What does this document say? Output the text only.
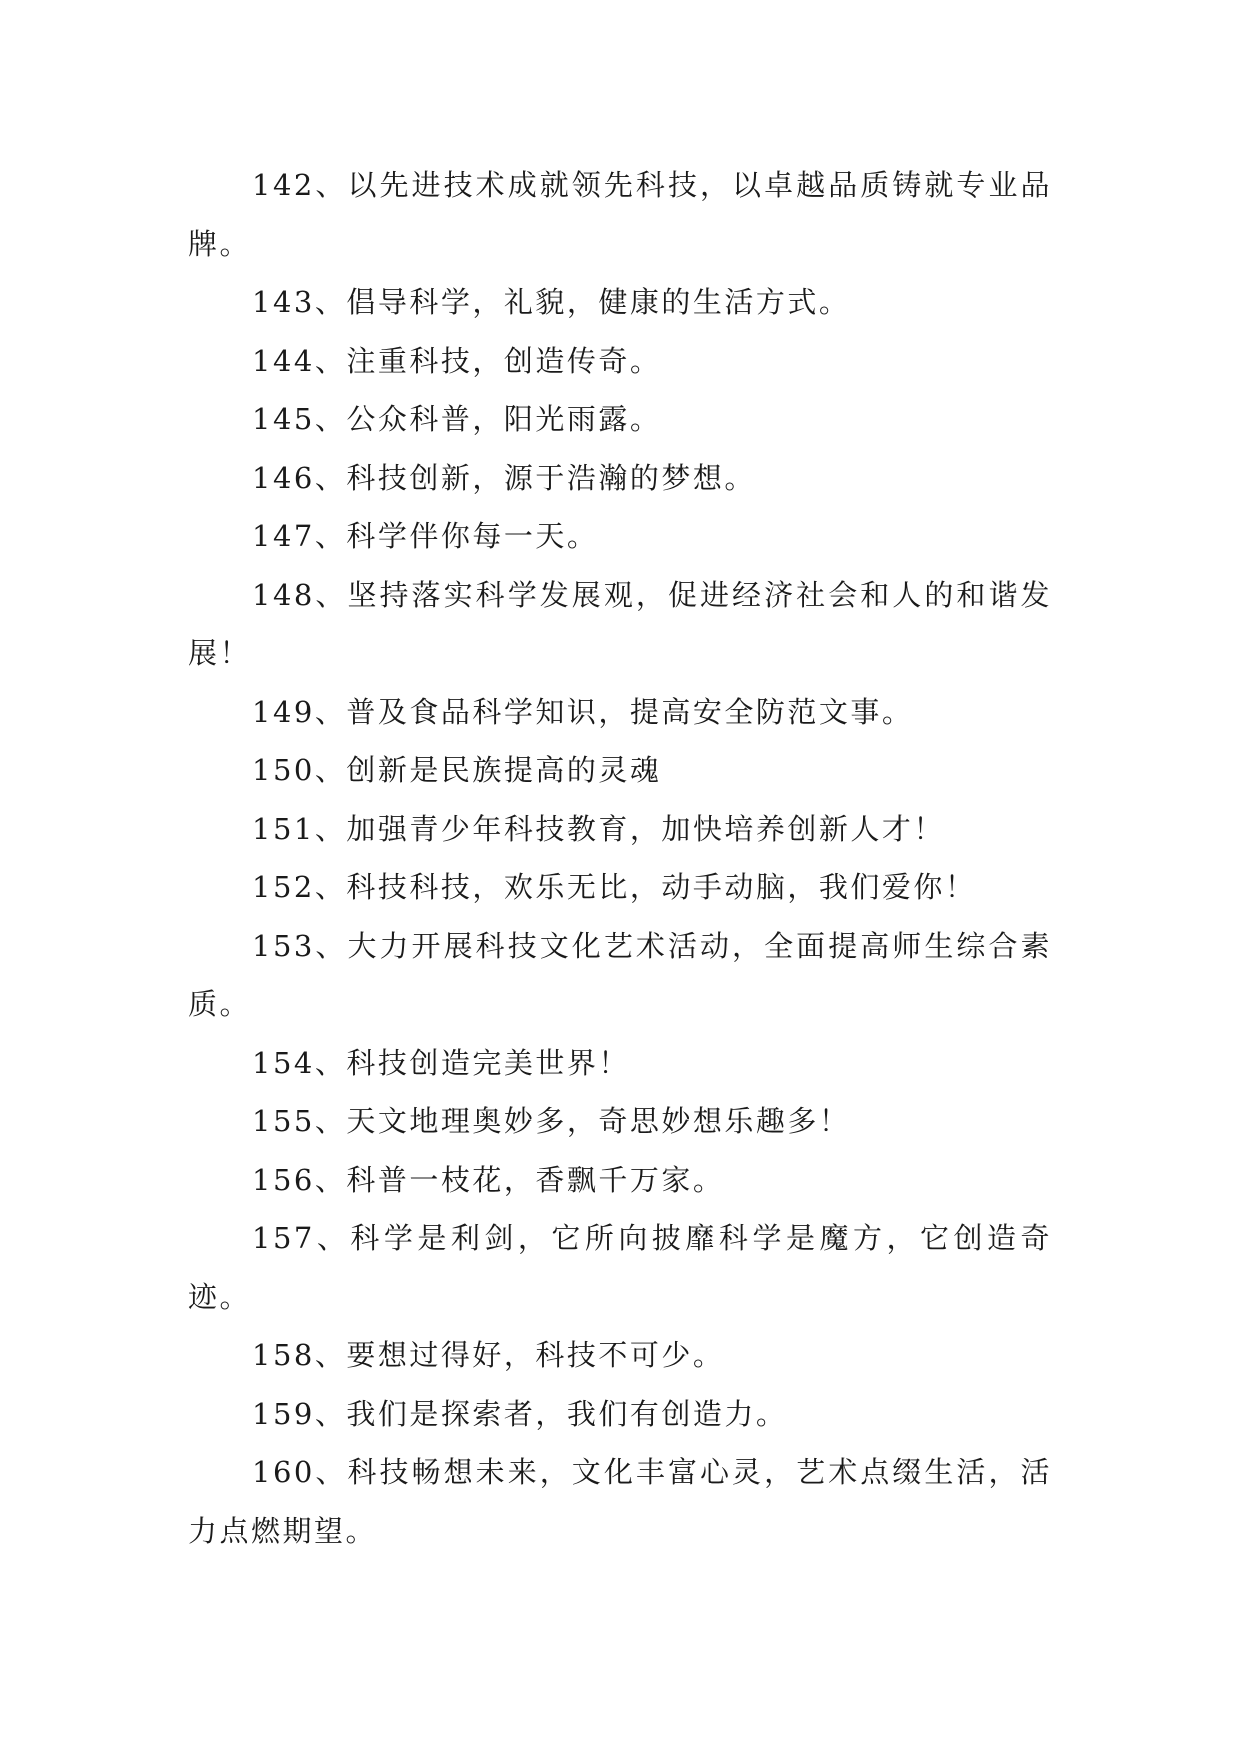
142、以先进技术成就领先科技，以卓越品质铸就专业品牌。

143、倡导科学，礼貌，健康的生活方式。

144、注重科技，创造传奇。

145、公众科普，阳光雨露。

146、科技创新，源于浩瀚的梦想。

147、科学伴你每一天。

148、坚持落实科学发展观，促进经济社会和人的和谐发展！

149、普及食品科学知识，提高安全防范文事。

150、创新是民族提高的灵魂

151、加强青少年科技教育，加快培养创新人才！

152、科技科技，欢乐无比，动手动脑，我们爱你！

153、大力开展科技文化艺术活动，全面提高师生综合素质。

154、科技创造完美世界！

155、天文地理奥妙多，奇思妙想乐趣多！

156、科普一枝花，香飘千万家。

157、科学是利剑，它所向披靡科学是魔方，它创造奇迹。

158、要想过得好，科技不可少。

159、我们是探索者，我们有创造力。

160、科技畅想未来，文化丰富心灵，艺术点缀生活，活力点燃期望。
